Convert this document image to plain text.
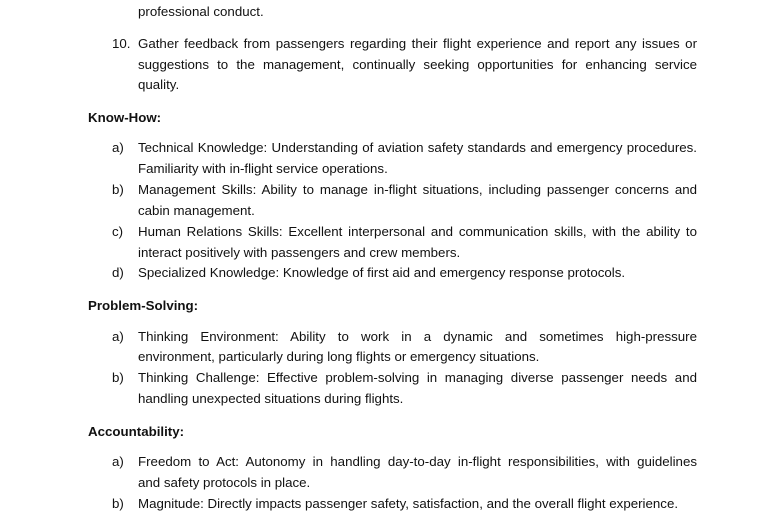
professional conduct.
10. Gather feedback from passengers regarding their flight experience and report any issues or
suggestions to the management, continually seeking opportunities for enhancing service
quality.
Know-How:
a) Technical Knowledge: Understanding of aviation safety standards and emergency procedures.
Familiarity with in-flight service operations.
b) Management Skills: Ability to manage in-flight situations, including passenger concerns and
cabin management.
c) Human Relations Skills: Excellent interpersonal and communication skills, with the ability to
interact positively with passengers and crew members.
d) Specialized Knowledge: Knowledge of first aid and emergency response protocols.
Problem-Solving:
a) Thinking Environment: Ability to work in a dynamic and sometimes high-pressure
environment, particularly during long flights or emergency situations.
b) Thinking Challenge: Effective problem-solving in managing diverse passenger needs and
handling unexpected situations during flights.
Accountability:
a) Freedom to Act: Autonomy in handling day-to-day in-flight responsibilities, with guidelines
and safety protocols in place.
b) Magnitude: Directly impacts passenger safety, satisfaction, and the overall flight experience.
